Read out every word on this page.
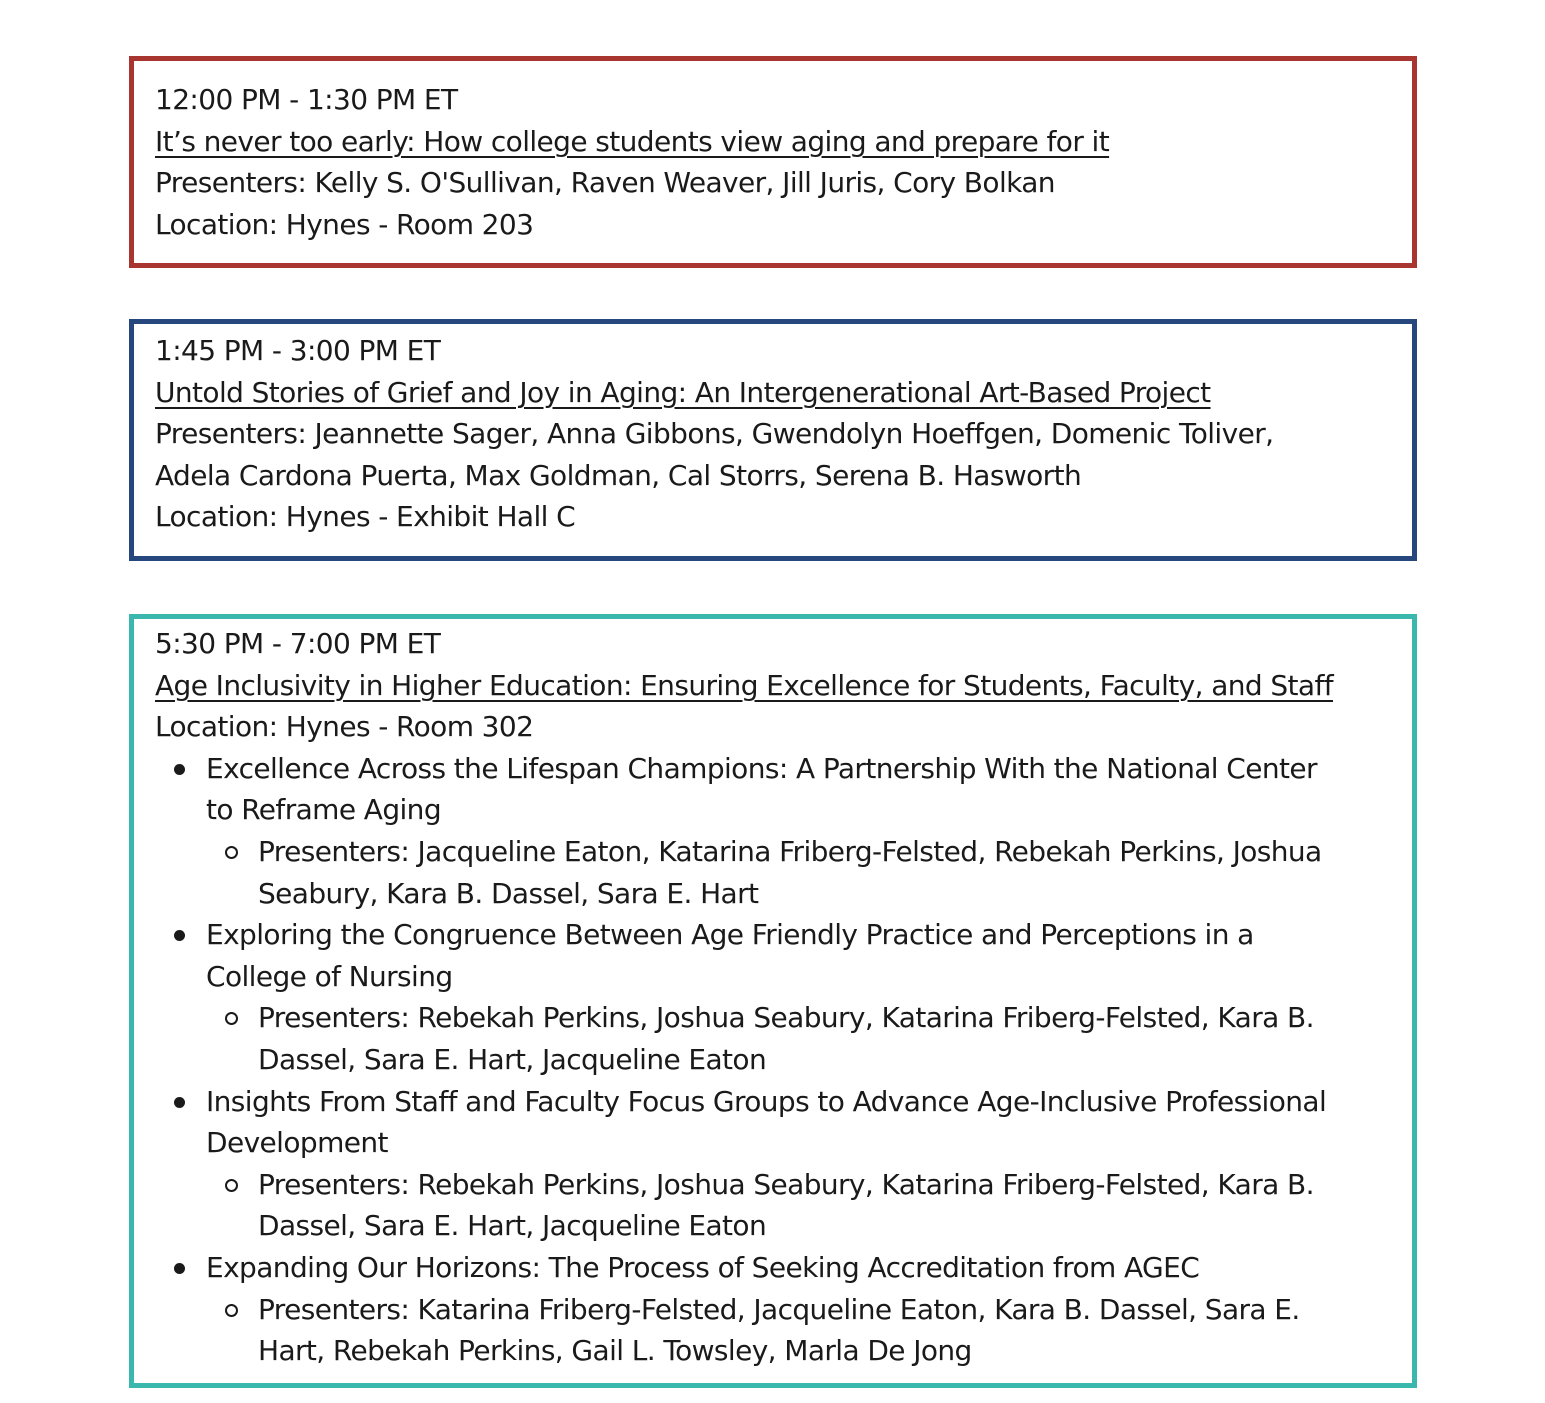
12:00 PM - 1:30 PM ET
It’s never too early: How college students view aging and prepare for it
Presenters: Kelly S. O'Sullivan, Raven Weaver, Jill Juris, Cory Bolkan
Location: Hynes - Room 203
1:45 PM - 3:00 PM ET
Untold Stories of Grief and Joy in Aging: An Intergenerational Art-Based Project
Presenters: Jeannette Sager, Anna Gibbons, Gwendolyn Hoeffgen, Domenic Toliver,
Adela Cardona Puerta, Max Goldman, Cal Storrs, Serena B. Hasworth
Location: Hynes - Exhibit Hall C
5:30 PM - 7:00 PM ET
Age Inclusivity in Higher Education: Ensuring Excellence for Students, Faculty, and Staff
Location: Hynes - Room 302
Excellence Across the Lifespan Champions: A Partnership With the National Center
to Reframe Aging
Presenters: Jacqueline Eaton, Katarina Friberg-Felsted, Rebekah Perkins, Joshua
Seabury, Kara B. Dassel, Sara E. Hart
Exploring the Congruence Between Age Friendly Practice and Perceptions in a
College of Nursing
Presenters: Rebekah Perkins, Joshua Seabury, Katarina Friberg-Felsted, Kara B.
Dassel, Sara E. Hart, Jacqueline Eaton
Insights From Staff and Faculty Focus Groups to Advance Age-Inclusive Professional
Development
Presenters: Rebekah Perkins, Joshua Seabury, Katarina Friberg-Felsted, Kara B.
Dassel, Sara E. Hart, Jacqueline Eaton
Expanding Our Horizons: The Process of Seeking Accreditation from AGEC
Presenters: Katarina Friberg-Felsted, Jacqueline Eaton, Kara B. Dassel, Sara E.
Hart, Rebekah Perkins, Gail L. Towsley, Marla De Jong
